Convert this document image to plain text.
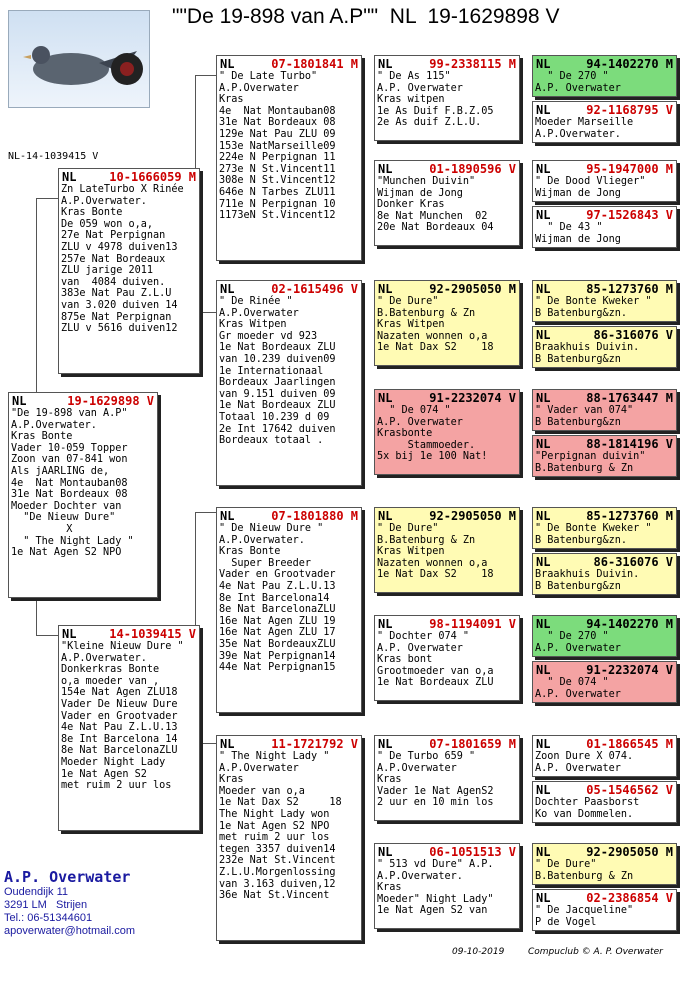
""De 19-898 van A.P""  NL  19-1629898 V
NL-14-1039415 V
NL	19-1629898 V
"De 19-898 van A.P"
A.P.Overwater.
Kras Bonte
Vader 10-059 Topper
Zoon van 07-841 won
Als jAARLING de,
4e  Nat Montauban08
31e Nat Bordeaux 08
Moeder Dochter van
"De Nieuw Dure"
X
" The Night Lady "
1e Nat Agen S2 NPO
NL	10-1666059 M
Zn LateTurbo X Rinée
A.P.Overwater.
Kras Bonte
De 059 won o,a,
27e Nat Perpignan
ZLU v 4978 duiven13
257e Nat Bordeaux
ZLU jarige 2011
van  4084 duiven.
383e Nat Pau Z.L.U
van 3.020 duiven 14
875e Nat Perpignan
ZLU v 5616 duiven12
NL	14-1039415 V
"Kleine Nieuw Dure "
A.P.Overwater.
Donkerkras Bonte
o,a moeder van ,
154e Nat Agen ZLU18
Vader De Nieuw Dure
Vader en Grootvader
4e Nat Pau Z.L.U.13
8e Int Barcelona 14
8e Nat BarcelonaZLU
Moeder Night Lady
1e Nat Agen S2
met ruim 2 uur los
NL	07-1801841 M
" De Late Turbo"
A.P.Overwater
Kras
4e  Nat Montauban08
31e Nat Bordeaux 08
129e Nat Pau ZLU 09
153e NatMarseille09
224e N Perpignan 11
273e N St.Vincent11
308e N St.Vincent12
646e N Tarbes ZLU11
711e N Perpignan 10
1173eN St.Vincent12
NL	02-1615496 V
" De Rinée "
A.P.Overwater
Kras Witpen
Gr moeder vd 923
1e Nat Bordeaux ZLU
van 10.239 duiven09
1e Internationaal
Bordeaux Jaarlingen
van 9.151 duiven 09
1e Nat Bordeaux ZLU
Totaal 10.239 d 09
2e Int 17642 duiven
Bordeaux totaal .
NL	07-1801880 M
" De Nieuw Dure "
A.P.Overwater.
Kras Bonte
Super Breeder
Vader en Grootvader
4e Nat Pau Z.L.U.13
8e Int Barcelona14
8e Nat BarcelonaZLU
16e Nat Agen ZLU 19
16e Nat Agen ZLU 17
35e Nat BordeauxZLU
39e Nat Perpignan14
44e Nat Perpignan15
NL	11-1721792 V
" The Night Lady "
A.P.Overwater
Kras
Moeder van o,a
1e Nat Dax S2     18
The Night Lady won
1e Nat Agen S2 NPO
met ruim 2 uur los
tegen 3357 duiven14
232e Nat St.Vincent
Z.L.U.Morgenlossing
van 3.163 duiven,12
36e Nat St.Vincent
NL	99-2338115 M
" De As 115"
A.P. Overwater
Kras witpen
1e As Duif F.B.Z.05
2e As duif Z.L.U.
NL	01-1890596 V
"Munchen Duivin"
Wijman de Jong
Donker Kras
8e Nat Munchen  02
20e Nat Bordeaux 04
NL	92-2905050 M
" De Dure"
B.Batenburg & Zn
Kras Witpen
Nazaten wonnen o,a
1e Nat Dax S2    18
NL	91-2232074 V
" De 074 "
A.P. Overwater
Krasbonte
Stammoeder.
5x bij 1e 100 Nat!
NL	92-2905050 M
" De Dure"
B.Batenburg & Zn
Kras Witpen
Nazaten wonnen o,a
1e Nat Dax S2    18
NL	98-1194091 V
" Dochter 074 "
A.P. Overwater
Kras bont
Grootmoeder van o,a
1e Nat Bordeaux ZLU
NL	07-1801659 M
" De Turbo 659 "
A.P.Overwater
Kras
Vader 1e Nat AgenS2
2 uur en 10 min los
NL	06-1051513 V
" 513 vd Dure" A.P.
A.P.Overwater.
Kras
Moeder" Night Lady"
1e Nat Agen S2 van
NL	94-1402270 M
" De 270 "
A.P. Overwater
NL	92-1168795 V
Moeder Marseille
A.P.Overwater.
NL	95-1947000 M
" De Dood Vlieger"
Wijman de Jong
NL	97-1526843 V
" De 43 "
Wijman de Jong
NL	85-1273760 M
" De Bonte Kweker "
B Batenburg&zn.
NL	86-316076 V
Braakhuis Duivin.
B Batenburg&zn
NL	88-1763447 M
" Vader van 074"
B Batenburg&zn
NL	88-1814196 V
"Perpignan duivin"
B.Batenburg & Zn
NL	85-1273760 M
" De Bonte Kweker "
B Batenburg&zn.
NL	86-316076 V
Braakhuis Duivin.
B Batenburg&zn
NL	94-1402270 M
" De 270 "
A.P. Overwater
NL	91-2232074 V
" De 074 "
A.P. Overwater
NL	01-1866545 M
Zoon Dure X 074.
A.P. Overwater
NL	05-1546562 V
Dochter Paasborst
Ko van Dommelen.
NL	92-2905050 M
" De Dure"
B.Batenburg & Zn
NL	02-2386854 V
" De Jacqueline"
P de Vogel
A.P. Overwater
Oudendijk 11
3291 LM   Strijen
Tel.: 06-51344601
apoverwater@hotmail.com
09-10-2019	Compuclub © A. P. Overwater
